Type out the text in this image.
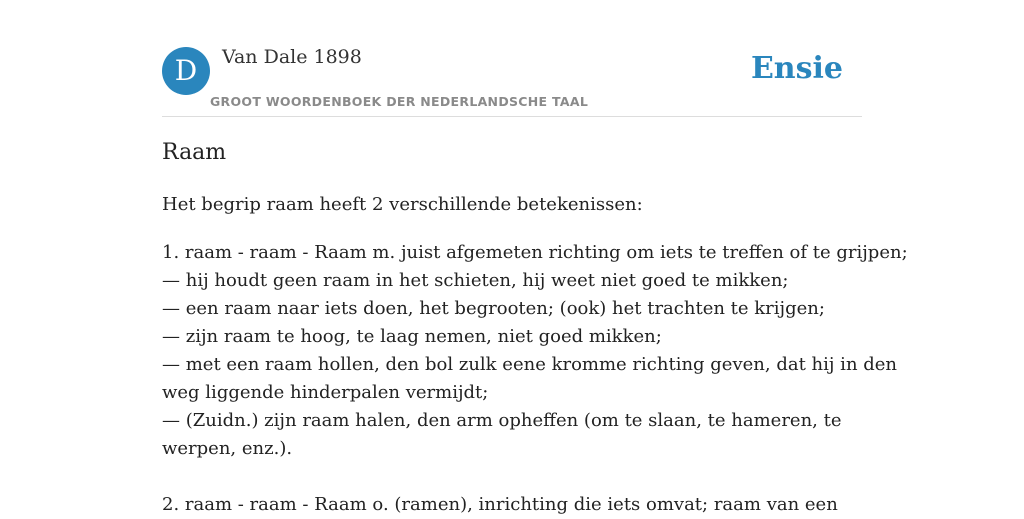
D	Van Dale 1898
GROOT WOORDENBOEK DER NEDERLANDSCHE TAAL
Ensie
Raam
Het begrip raam heeft 2 verschillende betekenissen:
1. raam - raam - Raam m. juist afgemeten richting om iets te treffen of te grijpen;
— hij houdt geen raam in het schieten, hij weet niet goed te mikken;
— een raam naar iets doen, het begrooten; (ook) het trachten te krijgen;
— zijn raam te hoog, te laag nemen, niet goed mikken;
— met een raam hollen, den bol zulk eene kromme richting geven, dat hij in den
weg liggende hinderpalen vermijdt;
— (Zuidn.) zijn raam halen, den arm opheffen (om te slaan, te hameren, te
werpen, enz.).
2. raam - raam - Raam o. (ramen), inrichting die iets omvat; raam van een
